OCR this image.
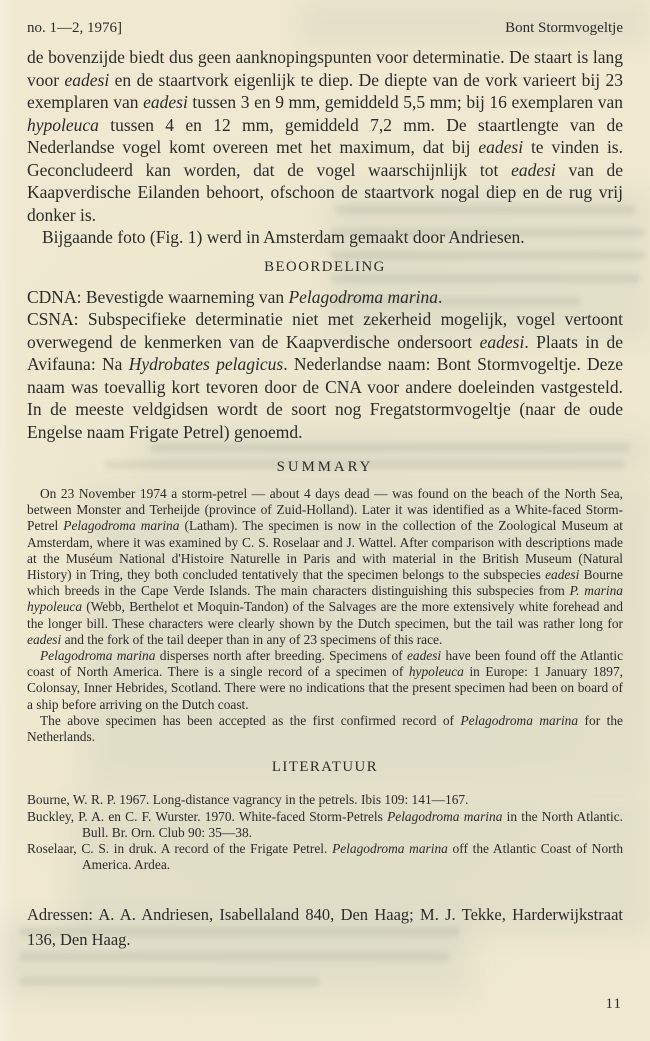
no. 1—2, 1976]	Bont Stormvogeltje

de bovenzijde biedt dus geen aanknopingspunten voor determinatie. De staart is lang voor eadesi en de staartvork eigenlijk te diep. De diepte van de vork varieert bij 23 exemplaren van eadesi tussen 3 en 9 mm, gemiddeld 5,5 mm; bij 16 exemplaren van hypoleuca tussen 4 en 12 mm, gemiddeld 7,2 mm. De staartlengte van de Nederlandse vogel komt overeen met het maximum, dat bij eadesi te vinden is. Geconcludeerd kan worden, dat de vogel waarschijnlijk tot eadesi van de Kaapverdische Eilanden behoort, ofschoon de staartvork nogal diep en de rug vrij donker is.

Bijgaande foto (Fig. 1) werd in Amsterdam gemaakt door Andriesen.

BEOORDELING

CDNA: Bevestigde waarneming van Pelagodroma marina.

CSNA: Subspecifieke determinatie niet met zekerheid mogelijk, vogel vertoont overwegend de kenmerken van de Kaapverdische ondersoort eadesi. Plaats in de Avifauna: Na Hydrobates pelagicus. Nederlandse naam: Bont Stormvogeltje. Deze naam was toevallig kort tevoren door de CNA voor andere doeleinden vastgesteld. In de meeste veldgidsen wordt de soort nog Fregatstormvogeltje (naar de oude Engelse naam Frigate Petrel) genoemd.

SUMMARY

On 23 November 1974 a storm-petrel — about 4 days dead — was found on the beach of the North Sea, between Monster and Terheijde (province of Zuid-Holland). Later it was identified as a White-faced Storm-Petrel Pelagodroma marina (Latham). The specimen is now in the collection of the Zoological Museum at Amsterdam, where it was examined by C. S. Roselaar and J. Wattel. After comparison with descriptions made at the Muséum National d'Histoire Naturelle in Paris and with material in the British Museum (Natural History) in Tring, they both concluded tentatively that the specimen belongs to the subspecies eadesi Bourne which breeds in the Cape Verde Islands. The main characters distinguishing this subspecies from P. marina hypoleuca (Webb, Berthelot et Moquin-Tandon) of the Salvages are the more extensively white forehead and the longer bill. These characters were clearly shown by the Dutch specimen, but the tail was rather long for eadesi and the fork of the tail deeper than in any of 23 specimens of this race.

Pelagodroma marina disperses north after breeding. Specimens of eadesi have been found off the Atlantic coast of North America. There is a single record of a specimen of hypoleuca in Europe: 1 January 1897, Colonsay, Inner Hebrides, Scotland. There were no indications that the present specimen had been on board of a ship before arriving on the Dutch coast.

The above specimen has been accepted as the first confirmed record of Pelagodroma marina for the Netherlands.

LITERATUUR

Bourne, W. R. P. 1967. Long-distance vagrancy in the petrels. Ibis 109: 141—167.

Buckley, P. A. en C. F. Wurster. 1970. White-faced Storm-Petrels Pelagodroma marina in the North Atlantic. Bull. Br. Orn. Club 90: 35—38.

Roselaar, C. S. in druk. A record of the Frigate Petrel. Pelagodroma marina off the Atlantic Coast of North America. Ardea.

Adressen: A. A. Andriesen, Isabellaland 840, Den Haag; M. J. Tekke, Harderwijkstraat 136, Den Haag.

11
